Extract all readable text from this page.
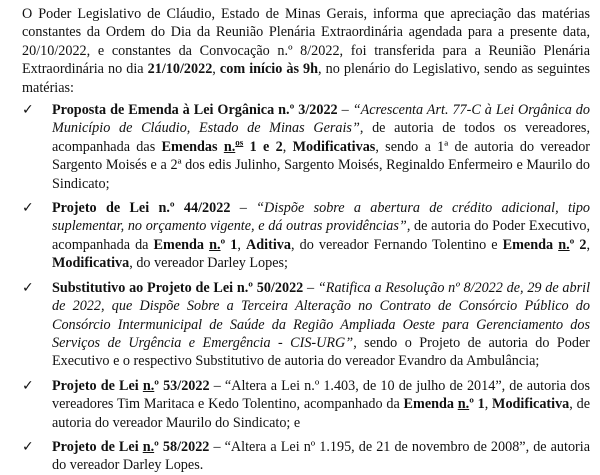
O Poder Legislativo de Cláudio, Estado de Minas Gerais, informa que apreciação das matérias constantes da Ordem do Dia da Reunião Plenária Extraordinária agendada para a presente data, 20/10/2022, e constantes da Convocação n.º 8/2022, foi transferida para a Reunião Plenária Extraordinária no dia 21/10/2022, com início às 9h, no plenário do Legislativo, sendo as seguintes matérias:

✓ Proposta de Emenda à Lei Orgânica n.º 3/2022 – “Acrescenta Art. 77-C à Lei Orgânica do Município de Cláudio, Estado de Minas Gerais”, de autoria de todos os vereadores, acompanhada das Emendas n.$^{os}$ 1 e 2, Modificativas, sendo a 1ª de autoria do vereador Sargento Moisés e a 2ª dos edis Julinho, Sargento Moisés, Reginaldo Enfermeiro e Maurilo do Sindicato;
✓ Projeto de Lei n.º 44/2022 – “Dispõe sobre a abertura de crédito adicional, tipo suplementar, no orçamento vigente, e dá outras providências”, de autoria do Poder Executivo, acompanhada da Emenda n.º 1, Aditiva, do vereador Fernando Tolentino e Emenda n.º 2, Modificativa, do vereador Darley Lopes;
✓ Substitutivo ao Projeto de Lei n.º 50/2022 – “Ratifica a Resolução nº 8/2022 de, 29 de abril de 2022, que Dispõe Sobre a Terceira Alteração no Contrato de Consórcio Público do Consórcio Intermunicipal de Saúde da Região Ampliada Oeste para Gerenciamento dos Serviços de Urgência e Emergência - CIS-URG”, sendo o Projeto de autoria do Poder Executivo e o respectivo Substitutivo de autoria do vereador Evandro da Ambulância;
✓ Projeto de Lei n.º 53/2022 – “Altera a Lei n.º 1.403, de 10 de julho de 2014”, de autoria dos vereadores Tim Maritaca e Kedo Tolentino, acompanhado da Emenda n.º 1, Modificativa, de autoria do vereador Maurilo do Sindicato; e
✓ Projeto de Lei n.º 58/2022 – “Altera a Lei nº 1.195, de 21 de novembro de 2008”, de autoria do vereador Darley Lopes.
